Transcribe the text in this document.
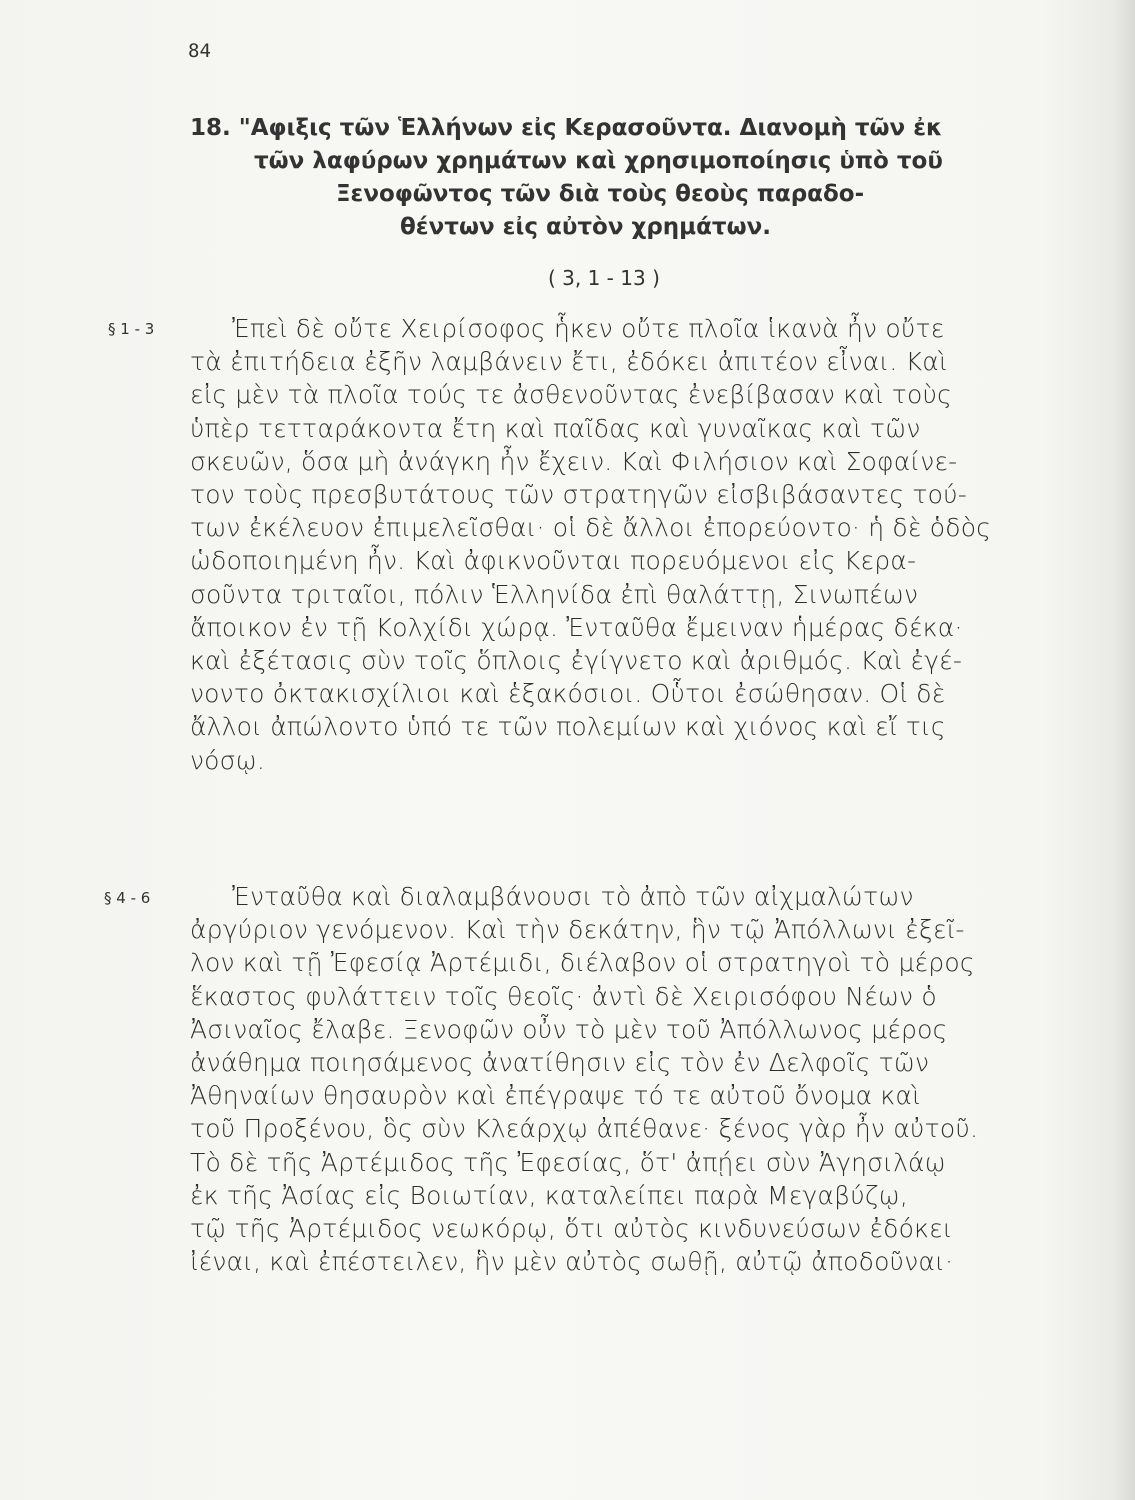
84
18. "Αφιξις τῶν Ἑλλήνων εἰς Κερασοῦντα. Διανομὴ τῶν ἐκ
τῶν λαφύρων χρημάτων καὶ χρησιμοποίησις ὑπὸ τοῦ
Ξενοφῶντος τῶν διὰ τοὺς θεοὺς παραδο-
θέντων εἰς αὐτὸν χρημάτων.
( 3, 1 - 13 )
§ 1 - 3	Ἐπεὶ δὲ οὔτε Χειρίσοφος ἧκεν οὔτε πλοῖα ἱκανὰ ἦν οὔτε
τὰ ἐπιτήδεια ἐξῆν λαμβάνειν ἔτι, ἐδόκει ἀπιτέον εἶναι. Καὶ
εἰς μὲν τὰ πλοῖα τούς τε ἀσθενοῦντας ἐνεβίβασαν καὶ τοὺς
ὑπὲρ τετταράκοντα ἔτη καὶ παῖδας καὶ γυναῖκας καὶ τῶν
σκευῶν, ὅσα μὴ ἀνάγκη ἦν ἔχειν. Καὶ Φιλήσιον καὶ Σοφαίνε-
τον τοὺς πρεσβυτάτους τῶν στρατηγῶν εἰσβιβάσαντες τού-
των ἐκέλευον ἐπιμελεῖσθαι· οἱ δὲ ἄλλοι ἐπορεύοντο· ἡ δὲ ὁδὸς
ὡδοποιημένη ἦν. Καὶ ἀφικνοῦνται πορευόμενοι εἰς Κερα-
σοῦντα τριταῖοι, πόλιν Ἑλληνίδα ἐπὶ θαλάττῃ, Σινωπέων
ἄποικον ἐν τῇ Κολχίδι χώρᾳ. Ἐνταῦθα ἔμειναν ἡμέρας δέκα·
καὶ ἐξέτασις σὺν τοῖς ὅπλοις ἐγίγνετο καὶ ἀριθμός. Καὶ ἐγέ-
νοντο ὀκτακισχίλιοι καὶ ἑξακόσιοι. Οὗτοι ἐσώθησαν. Οἱ δὲ
ἄλλοι ἀπώλοντο ὑπό τε τῶν πολεμίων καὶ χιόνος καὶ εἴ τις
νόσῳ.
§ 4 - 6	Ἐνταῦθα καὶ διαλαμβάνουσι τὸ ἀπὸ τῶν αἰχμαλώτων
ἀργύριον γενόμενον. Καὶ τὴν δεκάτην, ἣν τῷ Ἀπόλλωνι ἐξεῖ-
λον καὶ τῇ Ἐφεσίᾳ Ἀρτέμιδι, διέλαβον οἱ στρατηγοὶ τὸ μέρος
ἕκαστος φυλάττειν τοῖς θεοῖς· ἀντὶ δὲ Χειρισόφου Νέων ὁ
Ἀσιναῖος ἔλαβε. Ξενοφῶν οὖν τὸ μὲν τοῦ Ἀπόλλωνος μέρος
ἀνάθημα ποιησάμενος ἀνατίθησιν εἰς τὸν ἐν Δελφοῖς τῶν
Ἀθηναίων θησαυρὸν καὶ ἐπέγραψε τό τε αὐτοῦ ὄνομα καὶ
τοῦ Προξένου, ὃς σὺν Κλεάρχῳ ἀπέθανε· ξένος γὰρ ἦν αὐτοῦ.
Τὸ δὲ τῆς Ἀρτέμιδος τῆς Ἐφεσίας, ὅτ' ἀπῄει σὺν Ἀγησιλάῳ
ἐκ τῆς Ἀσίας εἰς Βοιωτίαν, καταλείπει παρὰ Μεγαβύζῳ,
τῷ τῆς Ἀρτέμιδος νεωκόρῳ, ὅτι αὐτὸς κινδυνεύσων ἐδόκει
ἰέναι, καὶ ἐπέστειλεν, ἣν μὲν αὐτὸς σωθῇ, αὐτῷ ἀποδοῦναι·
